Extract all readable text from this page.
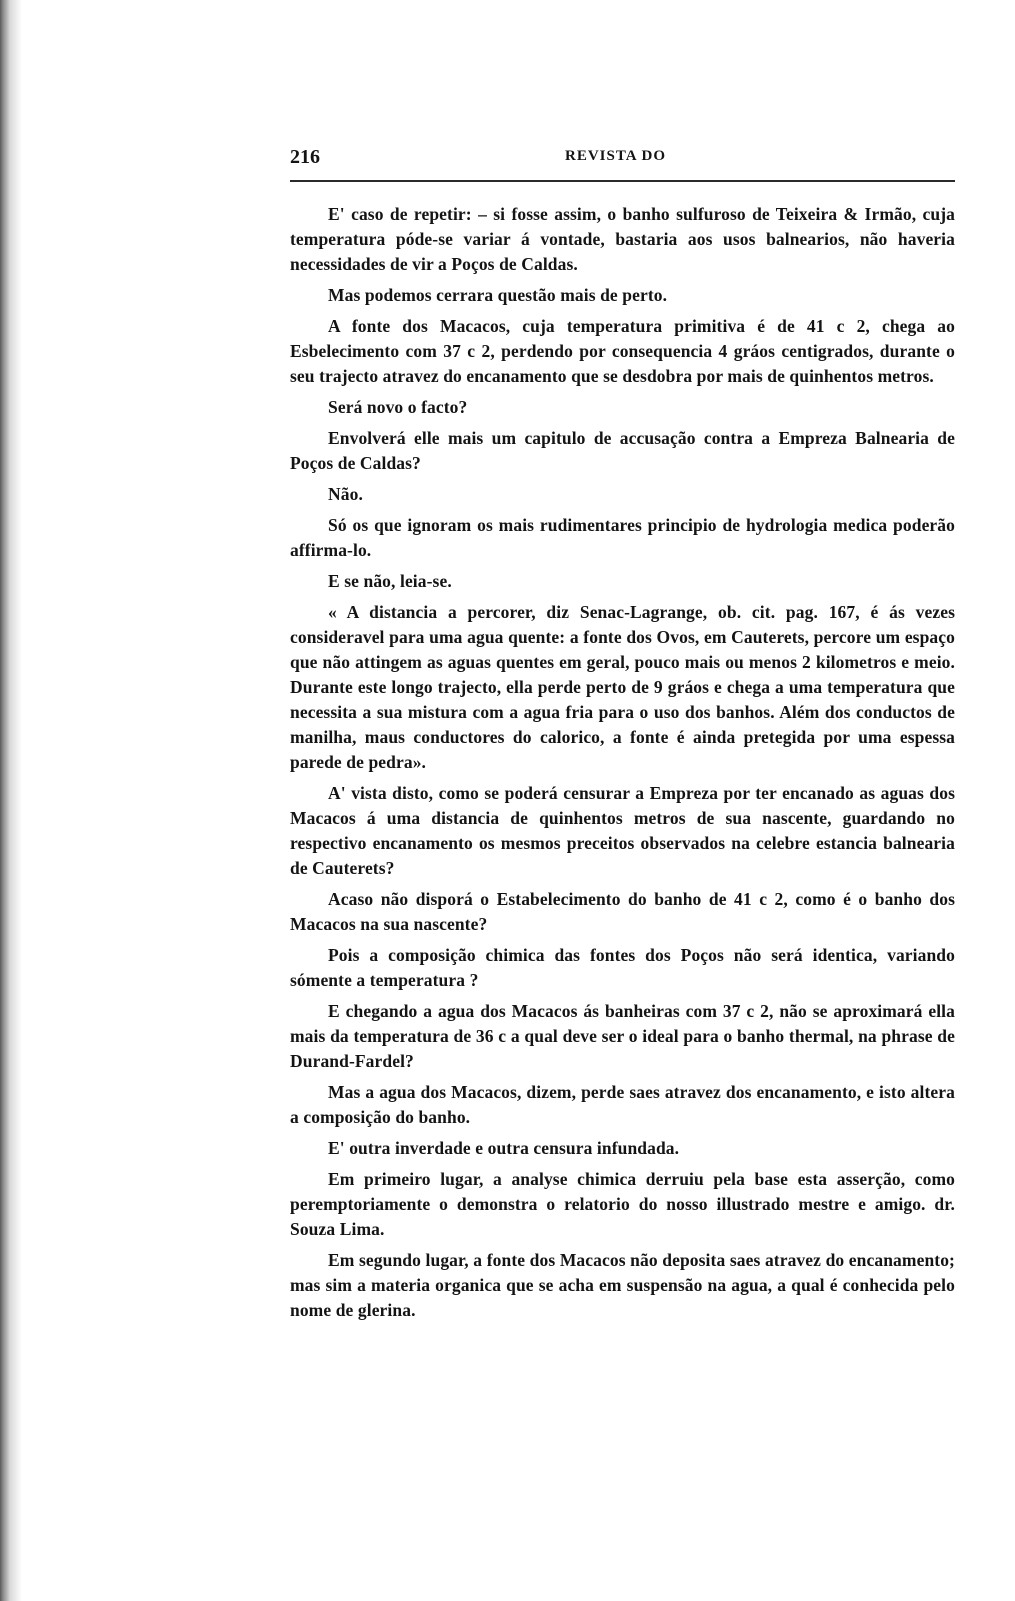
216	REVISTA DO

E' caso de repetir: – si fosse assim, o banho sulfuroso de Teixeira & Irmão, cuja temperatura póde-se variar á vontade, bastaria aos usos balnearios, não haveria necessidades de vir a Poços de Caldas.

Mas podemos cerrara questão mais de perto.

A fonte dos Macacos, cuja temperatura primitiva é de 41 c 2, chega ao Esbelecimento com 37 c 2, perdendo por consequencia 4 gráos centigrados, durante o seu trajecto atravez do encanamento que se desdobra por mais de quinhentos metros.

Será novo o facto?

Envolverá elle mais um capitulo de accusação contra a Empreza Balnearia de Poços de Caldas?

Não.

Só os que ignoram os mais rudimentares principio de hydrologia medica poderão affirma-lo.

E se não, leia-se.

« A distancia a percorer, diz Senac-Lagrange, ob. cit. pag. 167, é ás vezes consideravel para uma agua quente: a fonte dos Ovos, em Cauterets, percore um espaço que não attingem as aguas quentes em geral, pouco mais ou menos 2 kilometros e meio. Durante este longo trajecto, ella perde perto de 9 gráos e chega a uma temperatura que necessita a sua mistura com a agua fria para o uso dos banhos. Além dos conductos de manilha, maus conductores do calorico, a fonte é ainda pretegida por uma espessa parede de pedra».

A' vista disto, como se poderá censurar a Empreza por ter encanado as aguas dos Macacos á uma distancia de quinhentos metros de sua nascente, guardando no respectivo encanamento os mesmos preceitos observados na celebre estancia balnearia de Cauterets?

Acaso não disporá o Estabelecimento do banho de 41 c 2, como é o banho dos Macacos na sua nascente?

Pois a composição chimica das fontes dos Poços não será identica, variando sómente a temperatura ?

E chegando a agua dos Macacos ás banheiras com 37 c 2, não se aproximará ella mais da temperatura de 36 c a qual deve ser o ideal para o banho thermal, na phrase de Durand-Fardel?

Mas a agua dos Macacos, dizem, perde saes atravez dos encanamento, e isto altera a composição do banho.

E' outra inverdade e outra censura infundada.

Em primeiro lugar, a analyse chimica derruiu pela base esta asserção, como peremptoriamente o demonstra o relatorio do nosso illustrado mestre e amigo. dr. Souza Lima.

Em segundo lugar, a fonte dos Macacos não deposita saes atravez do encanamento; mas sim a materia organica que se acha em suspensão na agua, a qual é conhecida pelo nome de glerina.
